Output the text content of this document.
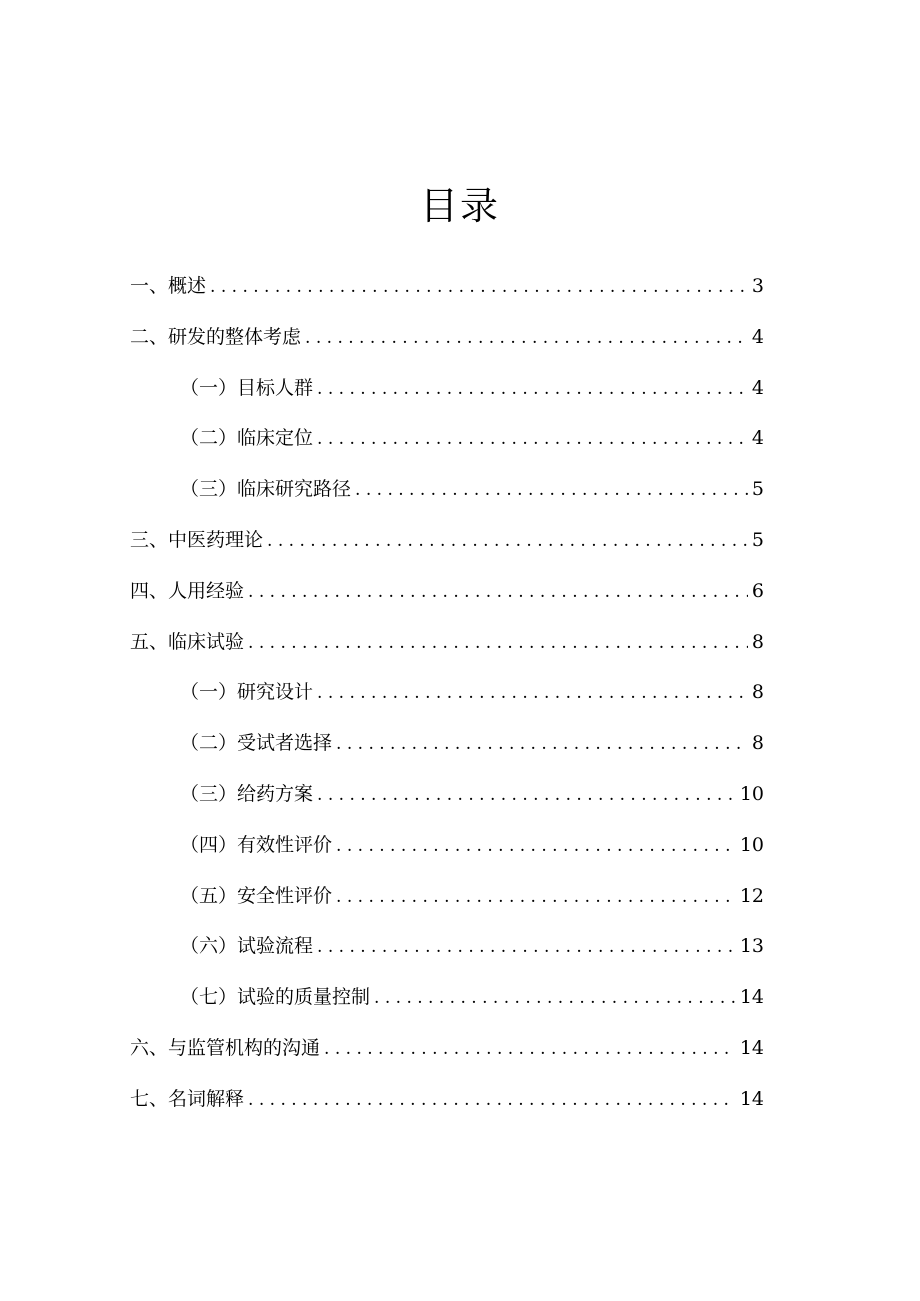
目录
一、概述 . . .	3
二、研发的整体考虑 . . .	4
（一）目标人群 . . .	4
（二）临床定位 . . .	4
（三）临床研究路径 . . .	5
三、中医药理论 . . .	5
四、人用经验 . . .	6
五、临床试验 . . .	8
（一）研究设计 . . .	8
（二）受试者选择 . . .	8
（三）给药方案 . . .	10
（四）有效性评价 . . .	10
（五）安全性评价 . . .	12
（六）试验流程 . . .	13
（七）试验的质量控制 . . .	14
六、与监管机构的沟通 . . .	14
七、名词解释 . . .	14
